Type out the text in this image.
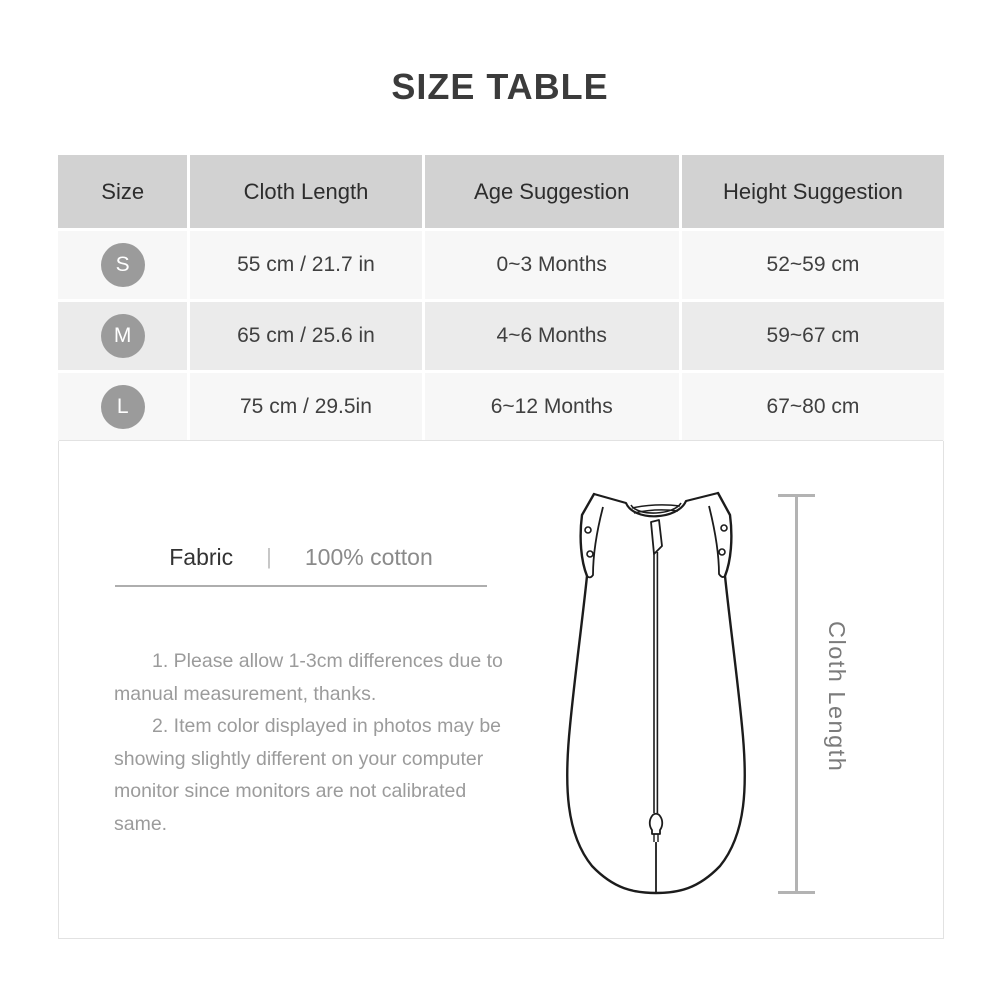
SIZE TABLE
Size	Cloth Length	Age Suggestion	Height Suggestion
S	55 cm / 21.7 in	0~3 Months	52~59 cm
M	65 cm / 25.6 in	4~6 Months	59~67 cm
L	75 cm / 29.5in	6~12 Months	67~80 cm
Fabric | 100% cotton

1. Please allow 1-3cm differences due to manual measurement, thanks.

2. Item color displayed in photos may be showing slightly different on your computer monitor since monitors are not calibrated same.

Cloth Length
